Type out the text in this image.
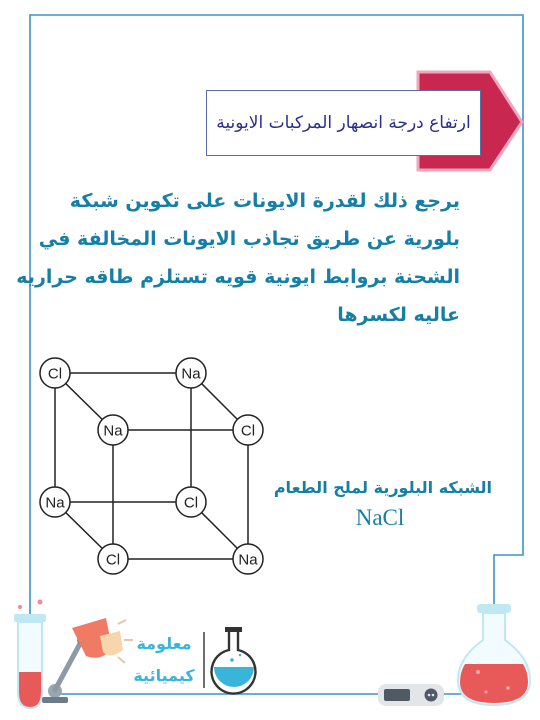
ارتفاع درجة انصهار المركبات الايونية
يرجع ذلك لقدرة الايونات على تكوين شبكة
بلورية عن طريق تجاذب الايونات المخالفة في
الشحنة بروابط ايونية قويه تستلزم طاقه حراريه
عاليه لكسرها
Cl	Na
Na	Cl
Na	Cl
Cl	Na
الشبكه البلورية لملح الطعام
NaCl
معلومة
كيميائية
